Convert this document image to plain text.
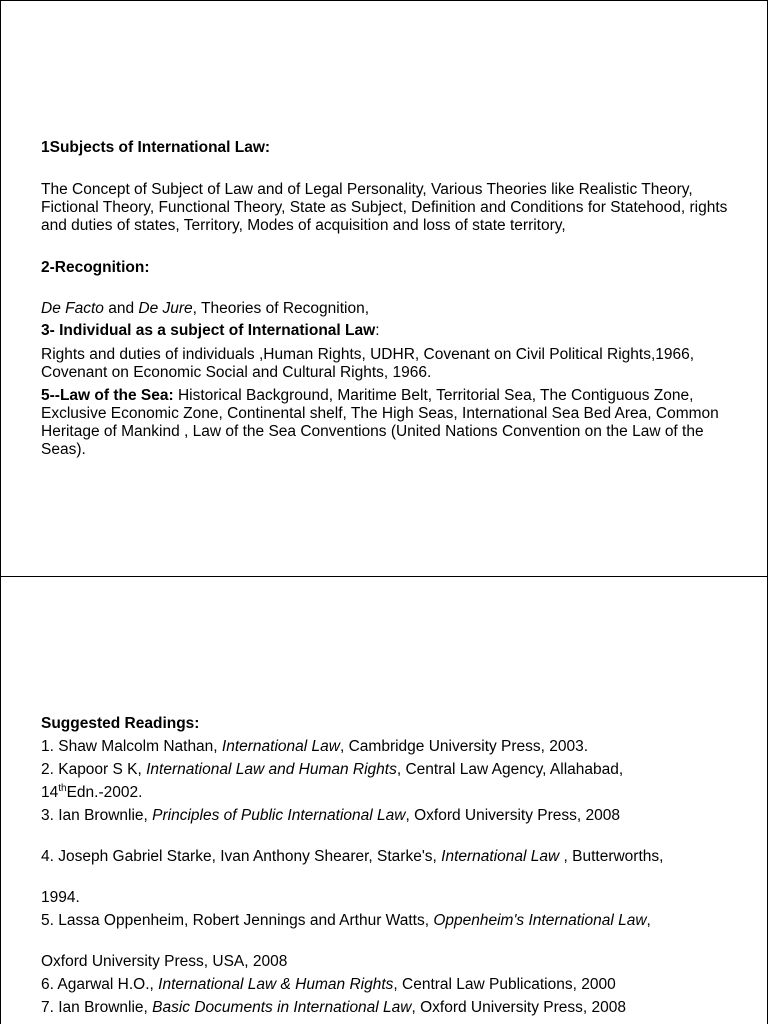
1Subjects of International Law:

The Concept of Subject of Law and of Legal Personality, Various Theories like Realistic Theory, Fictional Theory, Functional Theory, State as Subject, Definition and Conditions for Statehood, rights and duties of states, Territory, Modes of acquisition and loss of state territory,

2-Recognition:

De Facto and De Jure, Theories of Recognition,

3- Individual as a subject of International Law:

Rights and duties of individuals ,Human Rights, UDHR, Covenant on Civil Political Rights,1966, Covenant on Economic Social and Cultural Rights, 1966.

5--Law of the Sea: Historical Background, Maritime Belt, Territorial Sea, The Contiguous Zone, Exclusive Economic Zone, Continental shelf, The High Seas, International Sea Bed Area, Common Heritage of Mankind , Law of the Sea Conventions (United Nations Convention on the Law of the Seas).

Suggested Readings:

1. Shaw Malcolm Nathan, International Law, Cambridge University Press, 2003.

2. Kapoor S K, International Law and Human Rights, Central Law Agency, Allahabad,

14thEdn.-2002.

3. Ian Brownlie, Principles of Public International Law, Oxford University Press, 2008

4. Joseph Gabriel Starke, Ivan Anthony Shearer, Starke's, International Law , Butterworths,

1994.

5. Lassa Oppenheim, Robert Jennings and Arthur Watts, Oppenheim's International Law,

Oxford University Press, USA, 2008

6. Agarwal H.O., International Law & Human Rights, Central Law Publications, 2000

7. Ian Brownlie, Basic Documents in International Law, Oxford University Press, 2008
